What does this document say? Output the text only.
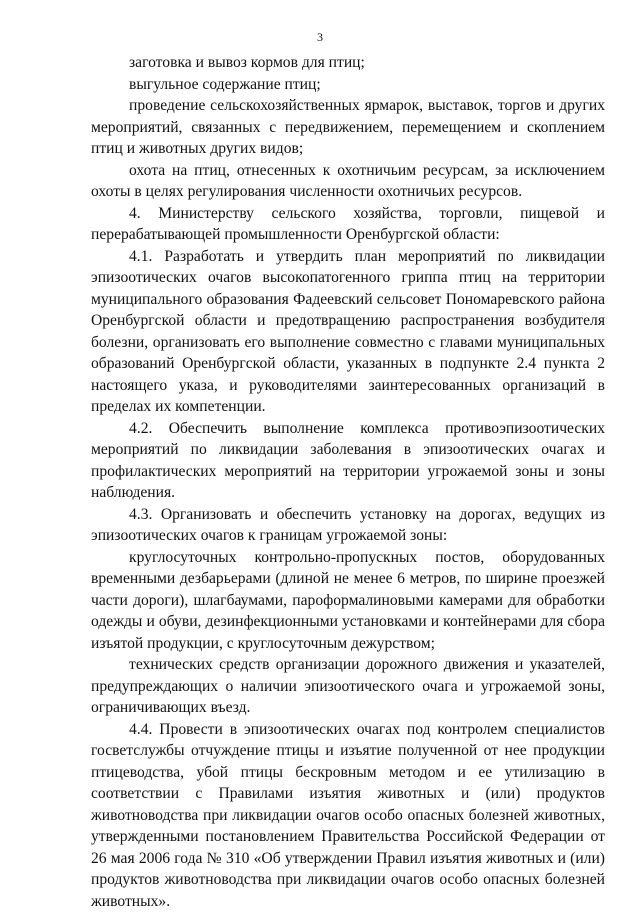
3

заготовка и вывоз кормов для птиц;

выгульное содержание птиц;

проведение сельскохозяйственных ярмарок, выставок, торгов и других мероприятий, связанных с передвижением, перемещением и скоплением птиц и животных других видов;

охота на птиц, отнесенных к охотничьим ресурсам, за исключением охоты в целях регулирования численности охотничьих ресурсов.

4. Министерству сельского хозяйства, торговли, пищевой и перерабатывающей промышленности Оренбургской области:

4.1. Разработать и утвердить план мероприятий по ликвидации эпизоотических очагов высокопатогенного гриппа птиц на территории муниципального образования Фадеевский сельсовет Пономаревского района Оренбургской области и предотвращению распространения возбудителя болезни, организовать его выполнение совместно с главами муниципальных образований Оренбургской области, указанных в подпункте 2.4 пункта 2 настоящего указа, и руководителями заинтересованных организаций в пределах их компетенции.

4.2. Обеспечить выполнение комплекса противоэпизоотических мероприятий по ликвидации заболевания в эпизоотических очагах и профилактических мероприятий на территории угрожаемой зоны и зоны наблюдения.

4.3. Организовать и обеспечить установку на дорогах, ведущих из эпизоотических очагов к границам угрожаемой зоны:

круглосуточных контрольно-пропускных постов, оборудованных временными дезбарьерами (длиной не менее 6 метров, по ширине проезжей части дороги), шлагбаумами, пароформалиновыми камерами для обработки одежды и обуви, дезинфекционными установками и контейнерами для сбора изъятой продукции, с круглосуточным дежурством;

технических средств организации дорожного движения и указателей, предупреждающих о наличии эпизоотического очага и угрожаемой зоны, ограничивающих въезд.

4.4. Провести в эпизоотических очагах под контролем специалистов госветслужбы отчуждение птицы и изъятие полученной от нее продукции птицеводства, убой птицы бескровным методом и ее утилизацию в соответствии с Правилами изъятия животных и (или) продуктов животноводства при ликвидации очагов особо опасных болезней животных, утвержденными постановлением Правительства Российской Федерации от 26 мая 2006 года № 310 «Об утверждении Правил изъятия животных и (или) продуктов животноводства при ликвидации очагов особо опасных болезней животных».
